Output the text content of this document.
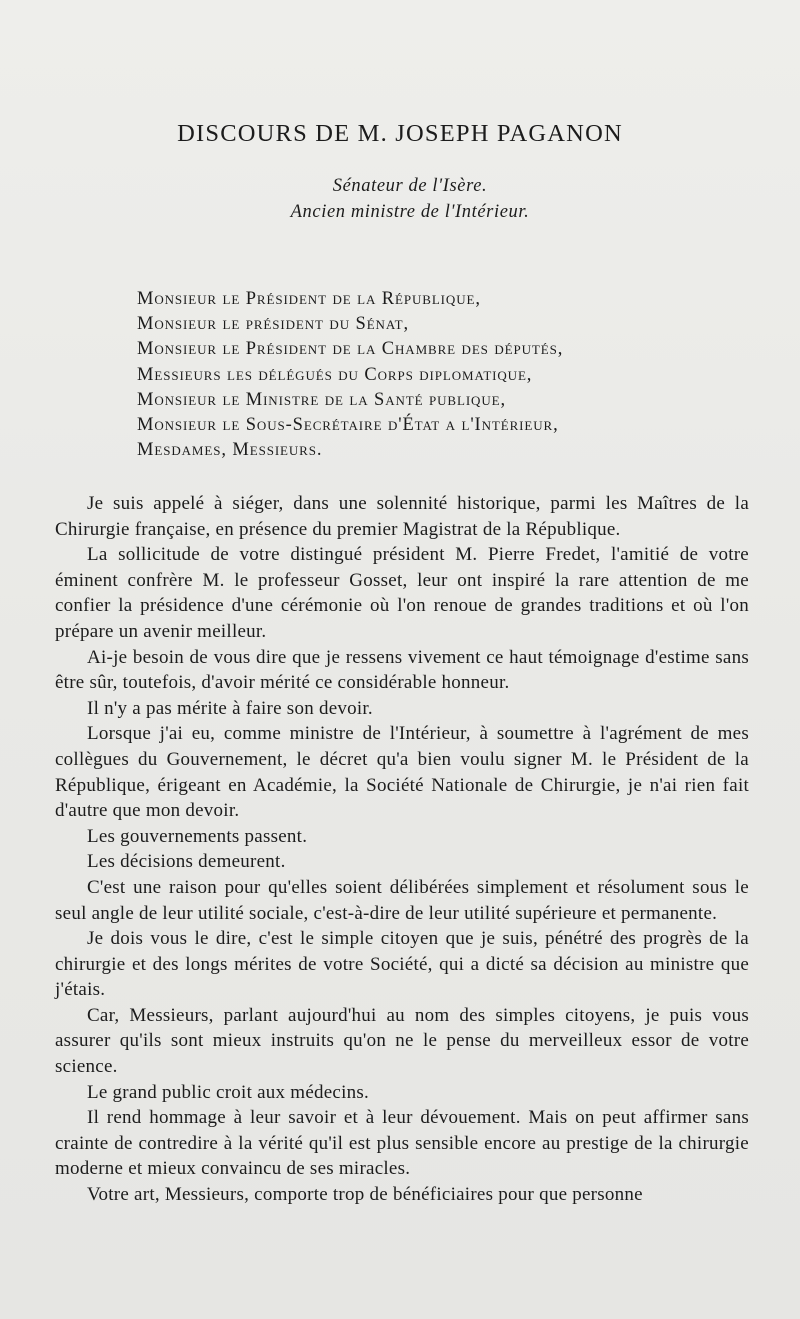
DISCOURS DE M. JOSEPH PAGANON

Sénateur de l'Isère.

Ancien ministre de l'Intérieur.

Monsieur le Président de la République,
Monsieur le président du Sénat,
Monsieur le Président de la Chambre des députés,
Messieurs les délégués du Corps diplomatique,
Monsieur le Ministre de la Santé publique,
Monsieur le Sous-Secrétaire d'État a l'Intérieur,
Mesdames, Messieurs.

Je suis appelé à siéger, dans une solennité historique, parmi les Maîtres de la Chirurgie française, en présence du premier Magistrat de la République.

La sollicitude de votre distingué président M. Pierre Fredet, l'amitié de votre éminent confrère M. le professeur Gosset, leur ont inspiré la rare attention de me confier la présidence d'une cérémonie où l'on renoue de grandes traditions et où l'on prépare un avenir meilleur.

Ai-je besoin de vous dire que je ressens vivement ce haut témoignage d'estime sans être sûr, toutefois, d'avoir mérité ce considérable honneur.

Il n'y a pas mérite à faire son devoir.

Lorsque j'ai eu, comme ministre de l'Intérieur, à soumettre à l'agrément de mes collègues du Gouvernement, le décret qu'a bien voulu signer M. le Président de la République, érigeant en Académie, la Société Nationale de Chirurgie, je n'ai rien fait d'autre que mon devoir.

Les gouvernements passent.

Les décisions demeurent.

C'est une raison pour qu'elles soient délibérées simplement et résolument sous le seul angle de leur utilité sociale, c'est-à-dire de leur utilité supérieure et permanente.

Je dois vous le dire, c'est le simple citoyen que je suis, pénétré des progrès de la chirurgie et des longs mérites de votre Société, qui a dicté sa décision au ministre que j'étais.

Car, Messieurs, parlant aujourd'hui au nom des simples citoyens, je puis vous assurer qu'ils sont mieux instruits qu'on ne le pense du merveilleux essor de votre science.

Le grand public croit aux médecins.

Il rend hommage à leur savoir et à leur dévouement. Mais on peut affirmer sans crainte de contredire à la vérité qu'il est plus sensible encore au prestige de la chirurgie moderne et mieux convaincu de ses miracles.

Votre art, Messieurs, comporte trop de bénéficiaires pour que personne
